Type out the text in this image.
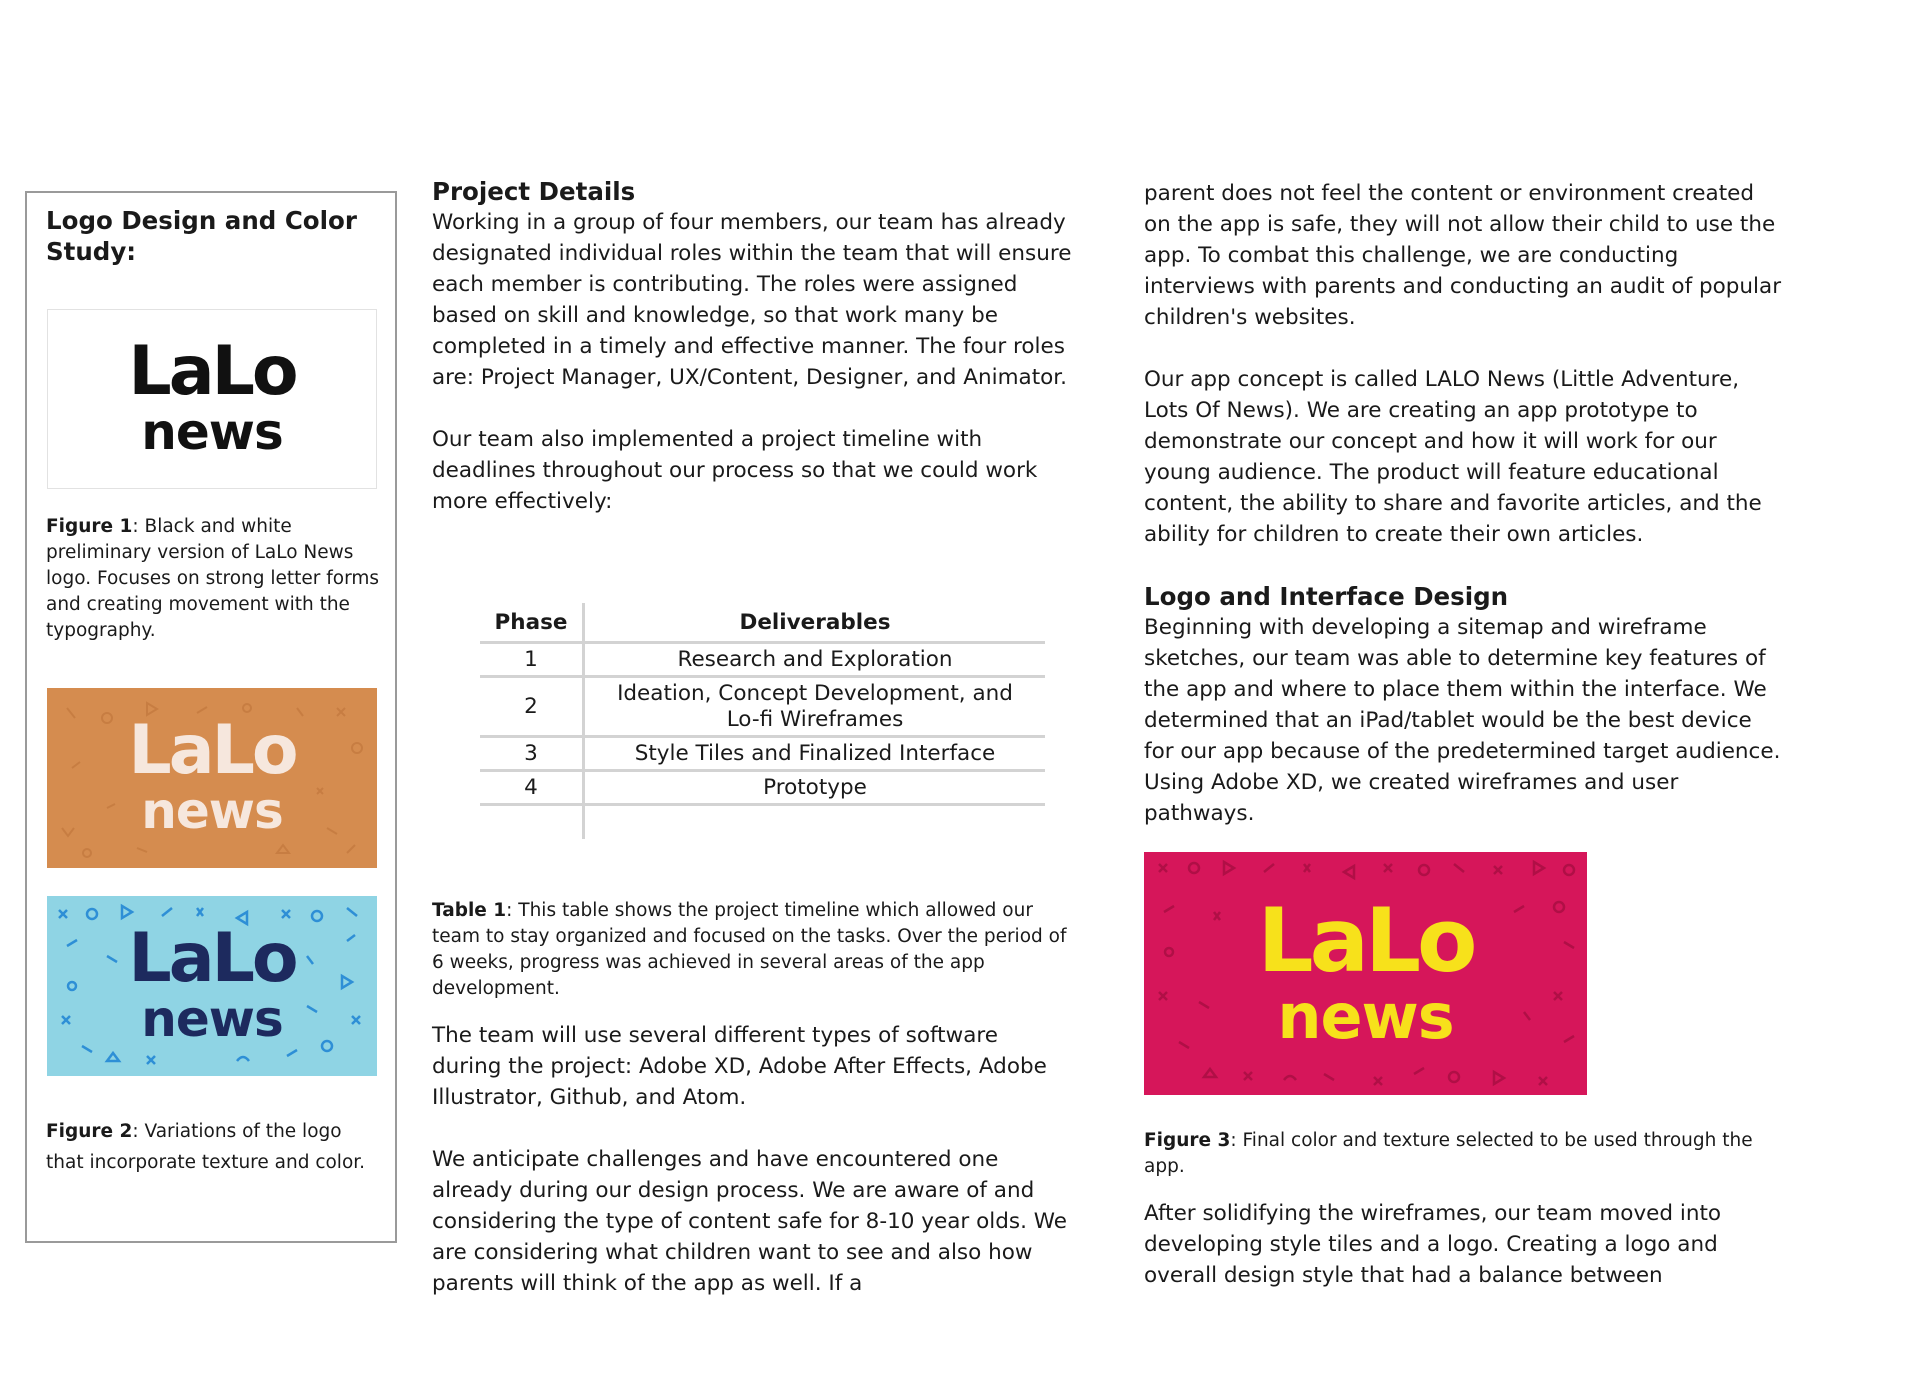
Logo Design and Color Study:

LaLo
news

Figure 1: Black and white preliminary version of LaLo News logo. Focuses on strong letter forms and creating movement with the typography.

LaLo
news
LaLo
news

Figure 2: Variations of the logo that incorporate texture and color.

Project Details

Working in a group of four members, our team has already designated individual roles within the team that will ensure each member is contributing. The roles were assigned based on skill and knowledge, so that work many be completed in a timely and effective manner. The four roles are: Project Manager, UX/Content, Designer, and Animator.

Our team also implemented a project timeline with deadlines throughout our process so that we could work more effectively:

Phase	Deliverables
1	Research and Exploration
2	Ideation, Concept Development, and Lo-fi Wireframes
3	Style Tiles and Finalized Interface
4	Prototype

Table 1: This table shows the project timeline which allowed our team to stay organized and focused on the tasks. Over the period of 6 weeks, progress was achieved in several areas of the app development.

The team will use several different types of software during the project: Adobe XD, Adobe After Effects, Adobe Illustrator, Github, and Atom.

We anticipate challenges and have encountered one already during our design process. We are aware of and considering the type of content safe for 8-10 year olds. We are considering what children want to see and also how parents will think of the app as well. If a

parent does not feel the content or environment created on the app is safe, they will not allow their child to use the app. To combat this challenge, we are conducting interviews with parents and conducting an audit of popular children's websites.

Our app concept is called LALO News (Little Adventure, Lots Of News). We are creating an app prototype to demonstrate our concept and how it will work for our young audience. The product will feature educational content, the ability to share and favorite articles, and the ability for children to create their own articles.

Logo and Interface Design

Beginning with developing a sitemap and wireframe sketches, our team was able to determine key features of the app and where to place them within the interface. We determined that an iPad/tablet would be the best device for our app because of the predetermined target audience. Using Adobe XD, we created wireframes and user pathways.

LaLo
news

Figure 3: Final color and texture selected to be used through the app.

After solidifying the wireframes, our team moved into developing style tiles and a logo. Creating a logo and overall design style that had a balance between
